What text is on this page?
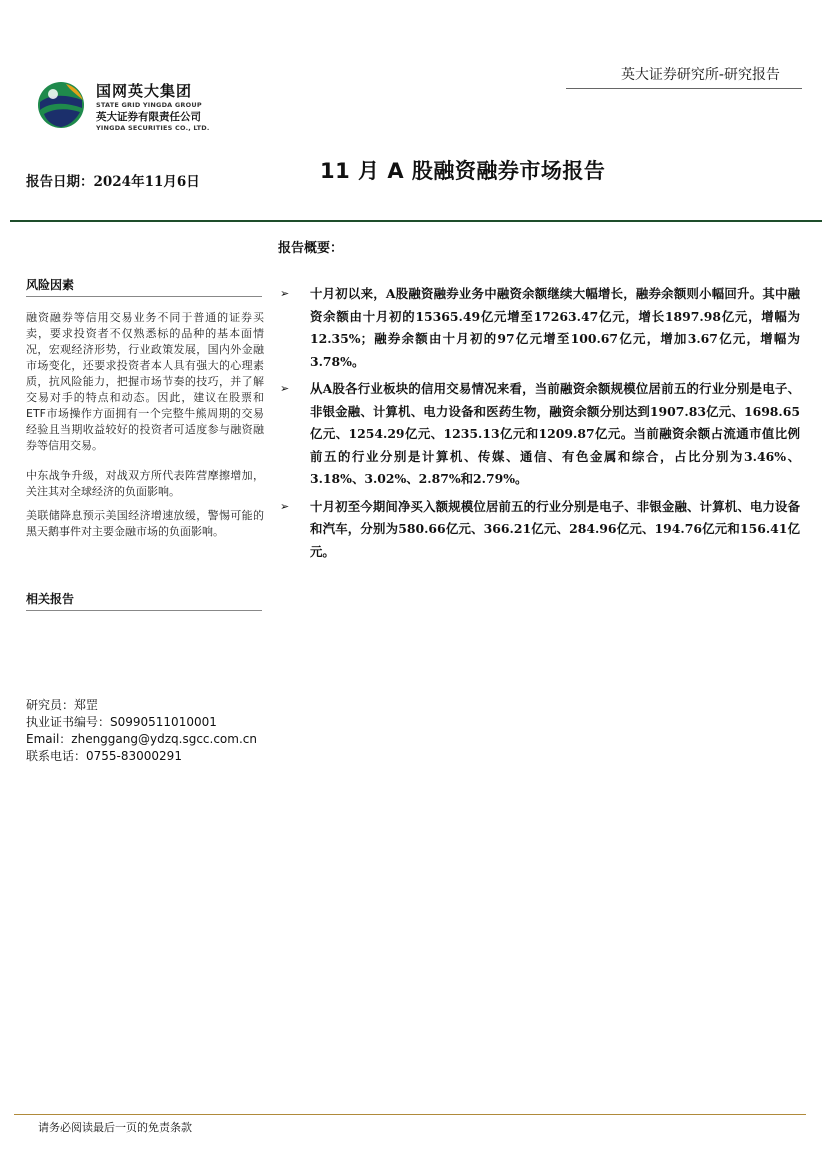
国网英大集团
STATE GRID YINGDA GROUP
英大证券有限责任公司
YINGDA SECURITIES CO., LTD.
英大证券研究所-研究报告
报告日期：2024年11月6日	11 月 A 股融资融券市场报告
风险因素
融资融券等信用交易业务不同于普通的证券买卖，要求投资者不仅熟悉标的品种的基本面情况，宏观经济形势，行业政策发展，国内外金融市场变化，还要求投资者本人具有强大的心理素质，抗风险能力，把握市场节奏的技巧，并了解交易对手的特点和动态。因此，建议在股票和ETF市场操作方面拥有一个完整牛熊周期的交易经验且当期收益较好的投资者可适度参与融资融券等信用交易。
中东战争升级，对战双方所代表阵营摩擦增加，关注其对全球经济的负面影响。
美联储降息预示美国经济增速放缓，警惕可能的黑天鹅事件对主要金融市场的负面影响。
相关报告
研究员：郑罡
执业证书编号：S0990511010001
Email：zhenggang@ydzq.sgcc.com.cn
联系电话：0755-83000291
报告概要：
➢ 十月初以来，A股融资融券业务中融资余额继续大幅增长，融券余额则小幅回升。其中融资余额由十月初的15365.49亿元增至17263.47亿元，增长1897.98亿元，增幅为12.35%；融券余额由十月初的97亿元增至100.67亿元，增加3.67亿元，增幅为3.78%。
➢ 从A股各行业板块的信用交易情况来看，当前融资余额规模位居前五的行业分别是电子、非银金融、计算机、电力设备和医药生物，融资余额分别达到1907.83亿元、1698.65亿元、1254.29亿元、1235.13亿元和1209.87亿元。当前融资余额占流通市值比例前五的行业分别是计算机、传媒、通信、有色金属和综合，占比分别为3.46%、3.18%、3.02%、2.87%和2.79%。
➢ 十月初至今期间净买入额规模位居前五的行业分别是电子、非银金融、计算机、电力设备和汽车，分别为580.66亿元、366.21亿元、284.96亿元、194.76亿元和156.41亿元。
请务必阅读最后一页的免责条款
